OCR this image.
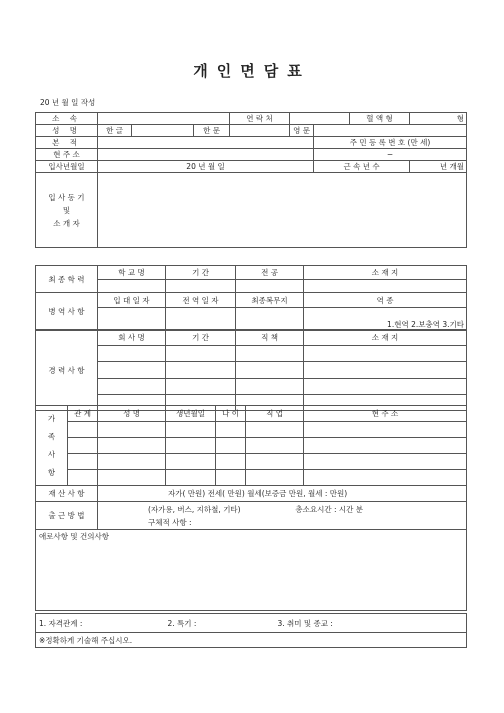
개인면담표
20 년 월 일 작성
소 속				연 락 처			혈 액 형	형
성 명	한 글		한 문		영 문			
본 적						주 민 등 록 번 호 (만 세)		
현 주 소						−		
입사년월일	20 년 월 일					근 속 년 수		년 개월

입 사 동 기
및
소 개 자								

최 종 학 력	학 교 명	기 간	전 공	소 재 지

병 역 사 항	입 대 일 자	전 역 일 자	최종복무지	역 종

				1.현역 2.보충역 3.기타
경 력 사 항	회 사 명	기 간	직 책	소 재 지

가
족
사
항	관 계	성 명	생년월일	나 이	직 업	현 주 소

재 산 사 항	자가( 만원) 전세( 만원) 월세(보증금 만원, 월세 : 만원)
출 근 방 법	(자가용, 버스, 지하철, 기타) 총소요시간 : 시간 분
	구체적 사항 :
애로사항 및 건의사항	
1. 자격관계 :	2. 특기 :	3. 취미 및 종교 :
※정확하게 기술해 주십시오.
